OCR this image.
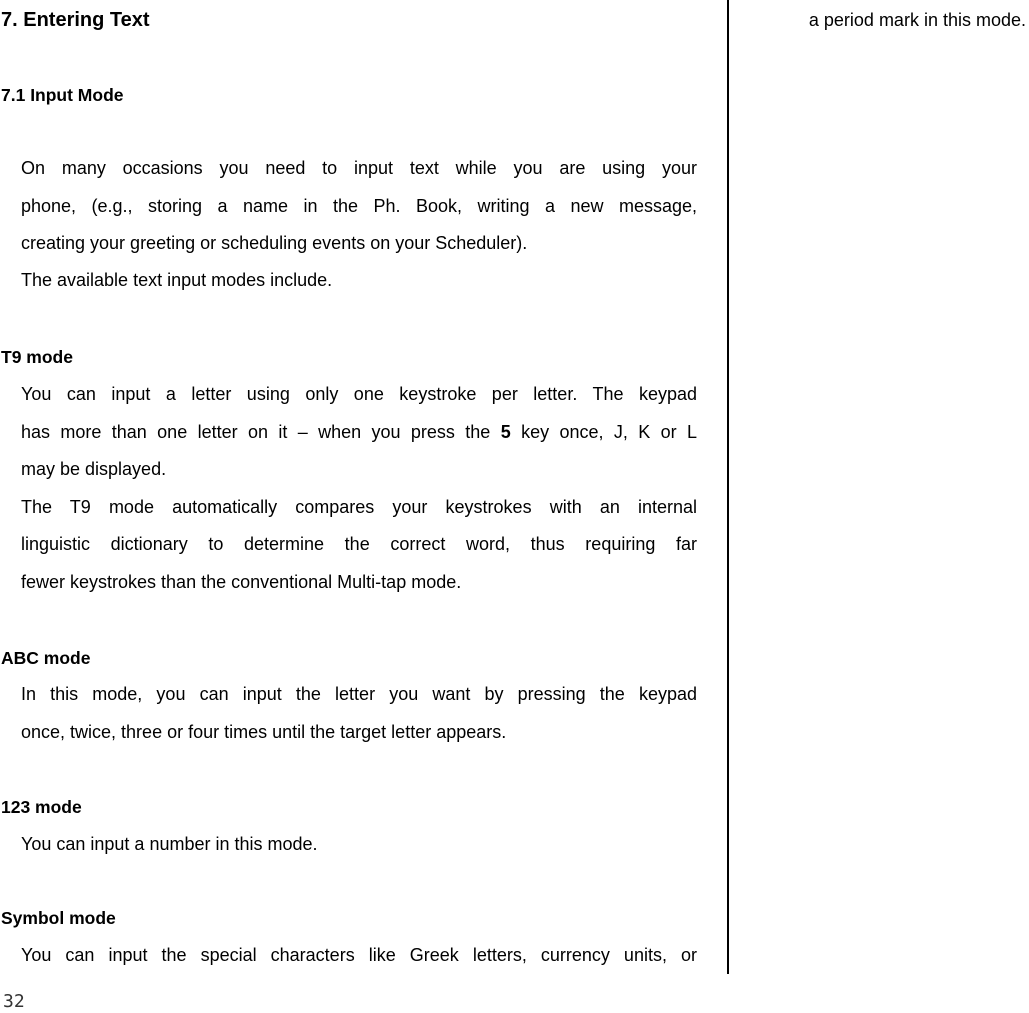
7. Entering Text
7.1 Input Mode
On many occasions you need to input text while you are using your
phone, (e.g., storing a name in the Ph. Book, writing a new message,
creating your greeting or scheduling events on your Scheduler).
The available text input modes include.
T9 mode
You can input a letter using only one keystroke per letter. The keypad
has more than one letter on it – when you press the 5 key once, J, K or L
may be displayed.
The T9 mode automatically compares your keystrokes with an internal
linguistic dictionary to determine the correct word, thus requiring far
fewer keystrokes than the conventional Multi-tap mode.
ABC mode
In this mode, you can input the letter you want by pressing the keypad
once, twice, three or four times until the target letter appears.
123 mode
You can input a number in this mode.
Symbol mode
You can input the special characters like Greek letters, currency units, or
a period mark in this mode.
32
